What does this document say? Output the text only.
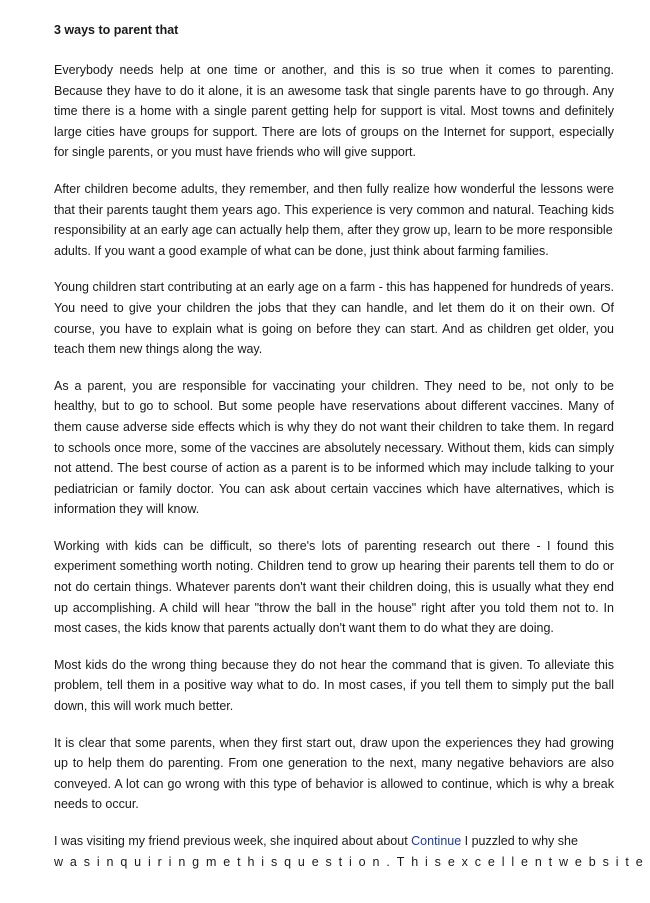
3 ways to parent that

Everybody needs help at one time or another, and this is so true when it comes to parenting. Because they have to do it alone, it is an awesome task that single parents have to go through. Any time there is a home with a single parent getting help for support is vital. Most towns and definitely large cities have groups for support. There are lots of groups on the Internet for support, especially for single parents, or you must have friends who will give support.

After children become adults, they remember, and then fully realize how wonderful the lessons were that their parents taught them years ago. This experience is very common and natural. Teaching kids responsibility at an early age can actually help them, after they grow up, learn to be more responsible

adults. If you want a good example of what can be done, just think about farming families.

Young children start contributing at an early age on a farm - this has happened for hundreds of years. You need to give your children the jobs that they can handle, and let them do it on their own. Of course, you have to explain what is going on before they can start. And as children get older, you teach them new things along the way.

As a parent, you are responsible for vaccinating your children. They need to be, not only to be healthy, but to go to school. But some people have reservations about different vaccines. Many of them cause adverse side effects which is why they do not want their children to take them. In regard to schools once more, some of the vaccines are absolutely necessary. Without them, kids can simply not attend. The best course of action as a parent is to be informed which may include talking to your pediatrician or family doctor. You can ask about certain vaccines which have alternatives, which is information they will know.

Working with kids can be difficult, so there's lots of parenting research out there - I found this experiment something worth noting. Children tend to grow up hearing their parents tell them to do or not do certain things. Whatever parents don't want their children doing, this is usually what they end up accomplishing. A child will hear "throw the ball in the house" right after you told them not to. In most cases, the kids know that parents actually don't want them to do what they are doing.

Most kids do the wrong thing because they do not hear the command that is given. To alleviate this problem, tell them in a positive way what to do. In most cases, if you tell them to simply put the ball down, this will work much better.

It is clear that some parents, when they first start out, draw upon the experiences they had growing up to help them do parenting. From one generation to the next, many negative behaviors are also conveyed. A lot can go wrong with this type of behavior is allowed to continue, which is why a break needs to occur.

I was visiting my friend previous week, she inquired about about Continue I puzzled to why she
was inquiring me this question. This excellent website
